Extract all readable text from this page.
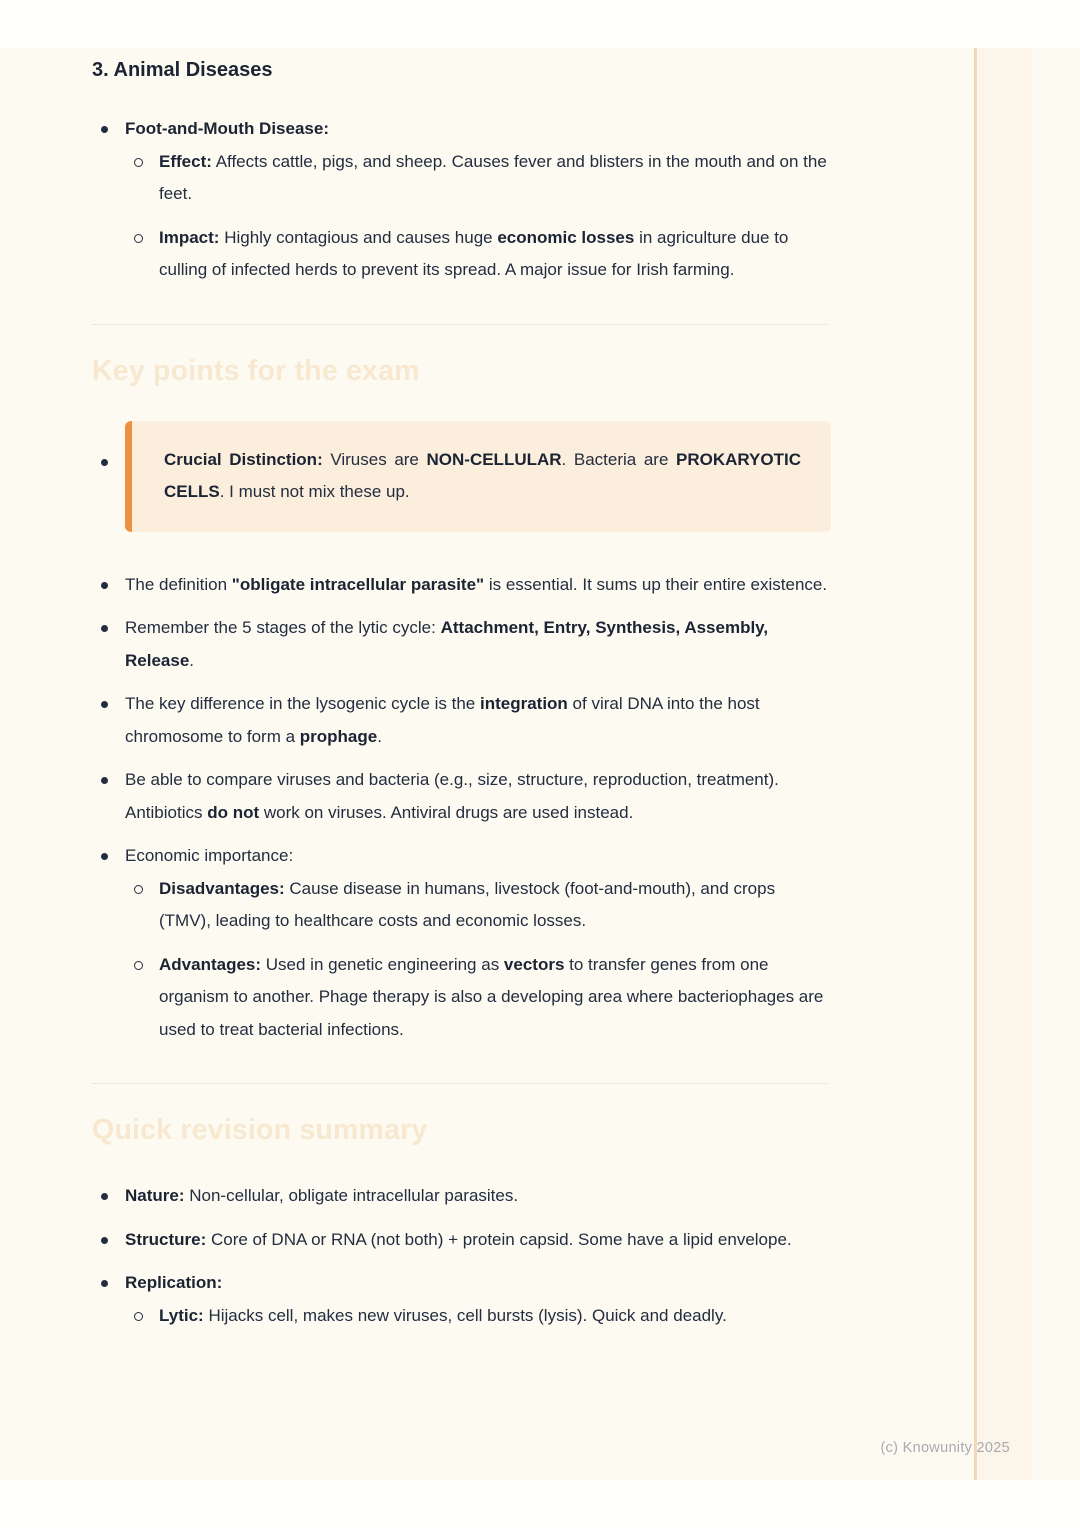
3. Animal Diseases

Foot-and-Mouth Disease:

Effect: Affects cattle, pigs, and sheep. Causes fever and blisters in the mouth and on the feet.

Impact: Highly contagious and causes huge economic losses in agriculture due to culling of infected herds to prevent its spread. A major issue for Irish farming.

Key points for the exam

Crucial Distinction: Viruses are NON-CELLULAR. Bacteria are PROKARYOTIC CELLS. I must not mix these up.

The definition "obligate intracellular parasite" is essential. It sums up their entire existence.

Remember the 5 stages of the lytic cycle: Attachment, Entry, Synthesis, Assembly, Release.

The key difference in the lysogenic cycle is the integration of viral DNA into the host chromosome to form a prophage.

Be able to compare viruses and bacteria (e.g., size, structure, reproduction, treatment). Antibiotics do not work on viruses. Antiviral drugs are used instead.

Economic importance:

Disadvantages: Cause disease in humans, livestock (foot-and-mouth), and crops (TMV), leading to healthcare costs and economic losses.

Advantages: Used in genetic engineering as vectors to transfer genes from one organism to another. Phage therapy is also a developing area where bacteriophages are used to treat bacterial infections.

Quick revision summary

Nature: Non-cellular, obligate intracellular parasites.

Structure: Core of DNA or RNA (not both) + protein capsid. Some have a lipid envelope.

Replication:

Lytic: Hijacks cell, makes new viruses, cell bursts (lysis). Quick and deadly.

(c) Knowunity 2025
